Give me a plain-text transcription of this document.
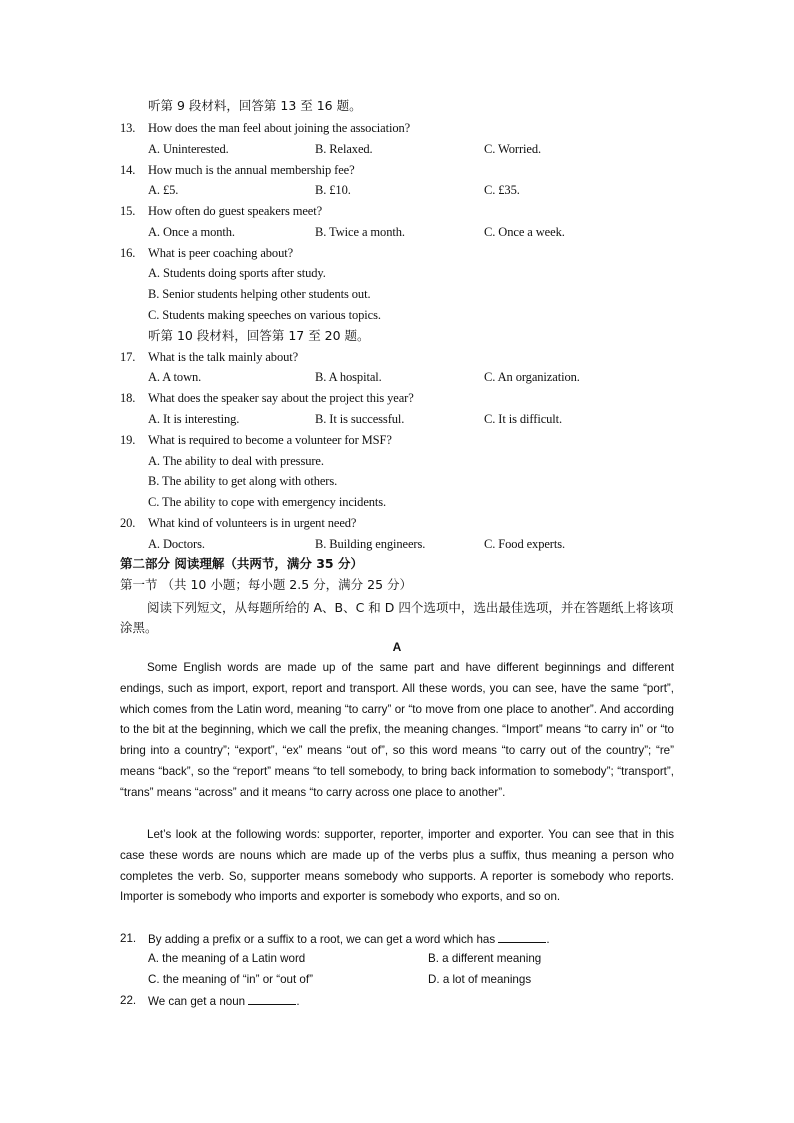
听第 9 段材料，回答第 13 至 16 题。
13. How does the man feel about joining the association?
A. Uninterested.	B. Relaxed.	C. Worried.
14. How much is the annual membership fee?
A. £5.	B. £10.	C. £35.
15. How often do guest speakers meet?
A. Once a month.	B. Twice a month.	C. Once a week.
16. What is peer coaching about?
A. Students doing sports after study.
B. Senior students helping other students out.
C. Students making speeches on various topics.
听第 10 段材料，回答第 17 至 20 题。
17. What is the talk mainly about?
A. A town.	B. A hospital.	C. An organization.
18. What does the speaker say about the project this year?
A. It is interesting.	B. It is successful.	C. It is difficult.
19. What is required to become a volunteer for MSF?
A. The ability to deal with pressure.
B. The ability to get along with others.
C. The ability to cope with emergency incidents.
20. What kind of volunteers is in urgent need?
A. Doctors.	B. Building engineers.	C. Food experts.
第二部分 阅读理解（共两节，满分 35 分）
第一节 （共 10 小题；每小题 2.5 分，满分 25 分）
阅读下列短文，从每题所给的 A、B、C 和 D 四个选项中，选出最佳选项，并在答题纸上将该项涂黑。
A
Some English words are made up of the same part and have different beginnings and different endings, such as import, export, report and transport. All these words, you can see, have the same “port”, which comes from the Latin word, meaning “to carry” or “to move from one place to another”. And according to the bit at the beginning, which we call the prefix, the meaning changes. “Import” means “to carry in” or “to bring into a country”; “export”, “ex” means “out of”, so this word means “to carry out of the country”; “re” means “back”, so the “report” means “to tell somebody, to bring back information to somebody”; “transport”, “trans” means “across” and it means “to carry across one place to another”.
Let’s look at the following words: supporter, reporter, importer and exporter. You can see that in this case these words are nouns which are made up of the verbs plus a suffix, thus meaning a person who completes the verb. So, supporter means somebody who supports. A reporter is somebody who reports. Importer is somebody who imports and exporter is somebody who exports, and so on.
21. By adding a prefix or a suffix to a root, we can get a word which has	.
A. the meaning of a Latin word	B. a different meaning
C. the meaning of “in” or “out of”	D. a lot of meanings
22. We can get a noun	.
